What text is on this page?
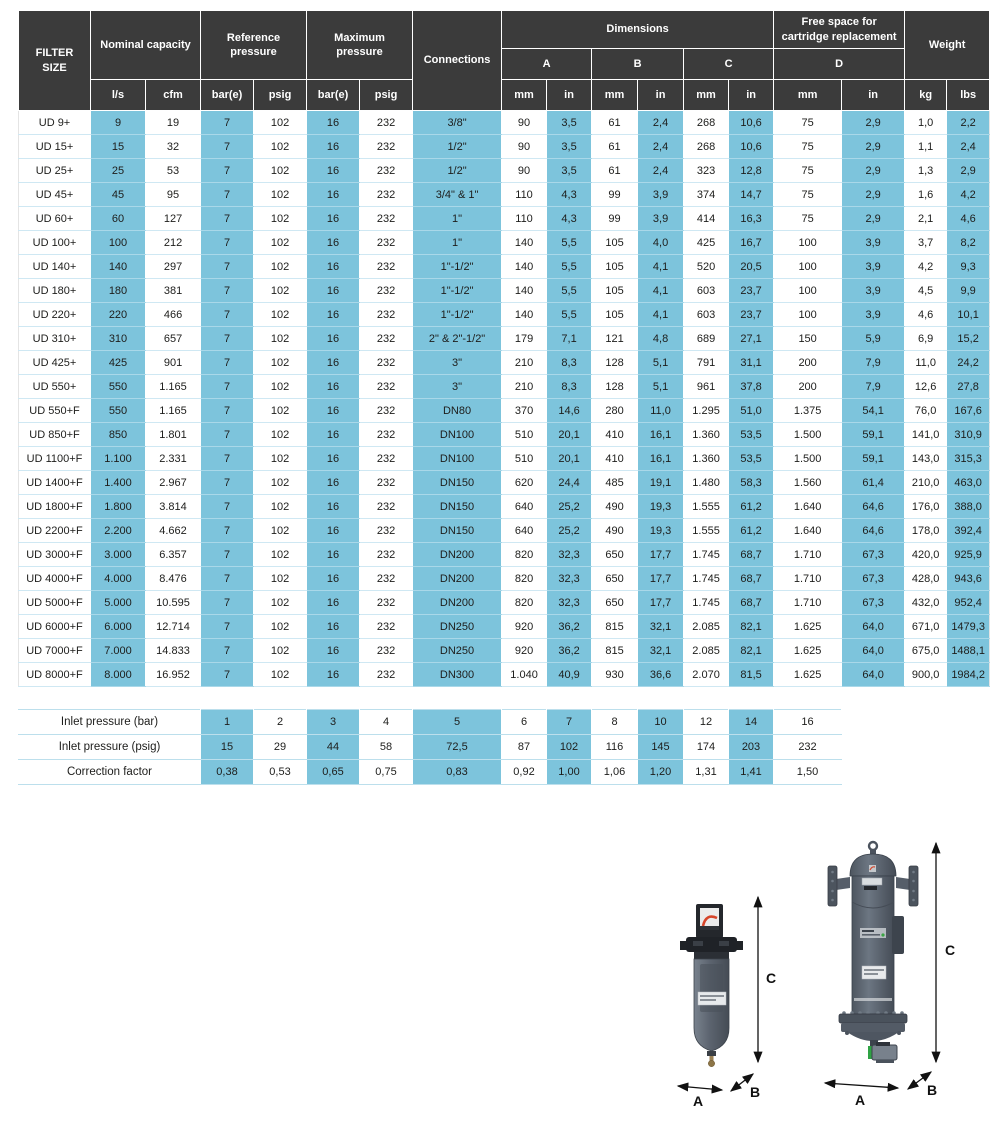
FILTER SIZE	Nominal capacity		Reference pressure		Maximum pressure		Connections	Dimensions						Free space for cartridge replacement		Weight	
								A		B		C		D			
	l/s	cfm	bar(e)	psig	bar(e)	psig		mm	in	mm	in	mm	in	mm	in	kg	lbs
UD 9+	9	19	7	102	16	232	3/8"	90	3,5	61	2,4	268	10,6	75	2,9	1,0	2,2
UD 15+	15	32	7	102	16	232	1/2"	90	3,5	61	2,4	268	10,6	75	2,9	1,1	2,4
UD 25+	25	53	7	102	16	232	1/2"	90	3,5	61	2,4	323	12,8	75	2,9	1,3	2,9
UD 45+	45	95	7	102	16	232	3/4" & 1"	110	4,3	99	3,9	374	14,7	75	2,9	1,6	4,2
UD 60+	60	127	7	102	16	232	1"	110	4,3	99	3,9	414	16,3	75	2,9	2,1	4,6
UD 100+	100	212	7	102	16	232	1"	140	5,5	105	4,0	425	16,7	100	3,9	3,7	8,2
UD 140+	140	297	7	102	16	232	1"-1/2"	140	5,5	105	4,1	520	20,5	100	3,9	4,2	9,3
UD 180+	180	381	7	102	16	232	1"-1/2"	140	5,5	105	4,1	603	23,7	100	3,9	4,5	9,9
UD 220+	220	466	7	102	16	232	1"-1/2"	140	5,5	105	4,1	603	23,7	100	3,9	4,6	10,1
UD 310+	310	657	7	102	16	232	2" & 2"-1/2"	179	7,1	121	4,8	689	27,1	150	5,9	6,9	15,2
UD 425+	425	901	7	102	16	232	3"	210	8,3	128	5,1	791	31,1	200	7,9	11,0	24,2
UD 550+	550	1.165	7	102	16	232	3"	210	8,3	128	5,1	961	37,8	200	7,9	12,6	27,8
UD 550+F	550	1.165	7	102	16	232	DN80	370	14,6	280	11,0	1.295	51,0	1.375	54,1	76,0	167,6
UD 850+F	850	1.801	7	102	16	232	DN100	510	20,1	410	16,1	1.360	53,5	1.500	59,1	141,0	310,9
UD 1100+F	1.100	2.331	7	102	16	232	DN100	510	20,1	410	16,1	1.360	53,5	1.500	59,1	143,0	315,3
UD 1400+F	1.400	2.967	7	102	16	232	DN150	620	24,4	485	19,1	1.480	58,3	1.560	61,4	210,0	463,0
UD 1800+F	1.800	3.814	7	102	16	232	DN150	640	25,2	490	19,3	1.555	61,2	1.640	64,6	176,0	388,0
UD 2200+F	2.200	4.662	7	102	16	232	DN150	640	25,2	490	19,3	1.555	61,2	1.640	64,6	178,0	392,4
UD 3000+F	3.000	6.357	7	102	16	232	DN200	820	32,3	650	17,7	1.745	68,7	1.710	67,3	420,0	925,9
UD 4000+F	4.000	8.476	7	102	16	232	DN200	820	32,3	650	17,7	1.745	68,7	1.710	67,3	428,0	943,6
UD 5000+F	5.000	10.595	7	102	16	232	DN200	820	32,3	650	17,7	1.745	68,7	1.710	67,3	432,0	952,4
UD 6000+F	6.000	12.714	7	102	16	232	DN250	920	36,2	815	32,1	2.085	82,1	1.625	64,0	671,0	1479,3
UD 7000+F	7.000	14.833	7	102	16	232	DN250	920	36,2	815	32,1	2.085	82,1	1.625	64,0	675,0	1488,1
UD 8000+F	8.000	16.952	7	102	16	232	DN300	1.040	40,9	930	36,6	2.070	81,5	1.625	64,0	900,0	1984,2
Inlet pressure (bar)	1	2	3	4	5	6	7	8	10	12	14	16
Inlet pressure (psig)	15	29	44	58	72,5	87	102	116	145	174	203	232
Correction factor	0,38	0,53	0,65	0,75	0,83	0,92	1,00	1,06	1,20	1,31	1,41	1,50
C
A
B
C
A
B
